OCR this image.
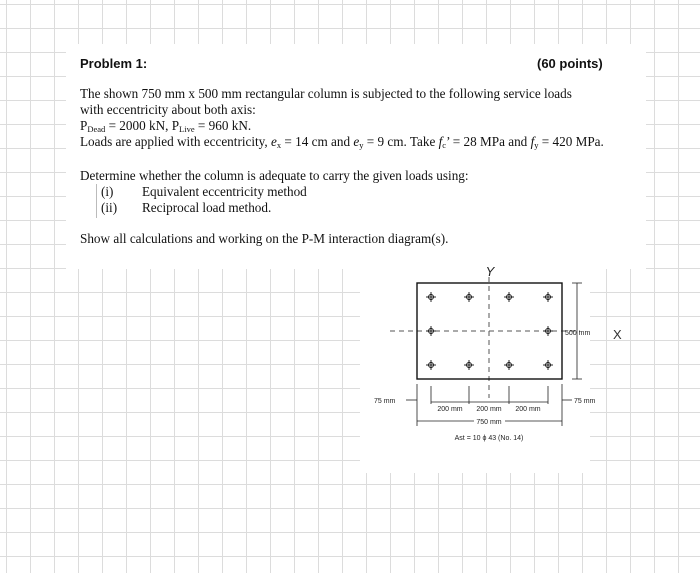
Problem 1:	(60 points)
The shown 750 mm x 500 mm rectangular column is subjected to the following service loads
with eccentricity about both axis:
$P_{Dead} = 2000$ kN, $P_{Live} = 960$ kN.
Loads are applied with eccentricity, $e_x = 14$ cm and $e_y = 9$ cm. Take $f_c$’ = 28 MPa and $f_y = 420$ MPa.
Determine whether the column is adequate to carry the given loads using:
(i) Equivalent eccentricity method
(ii) Reciprocal load method.
Show all calculations and working on the P-M interaction diagram(s).
Y
X
500 mm
75 mm	75 mm
200 mm 200 mm 200 mm
750 mm
Ast = 10 ϕ 43 (No. 14)
